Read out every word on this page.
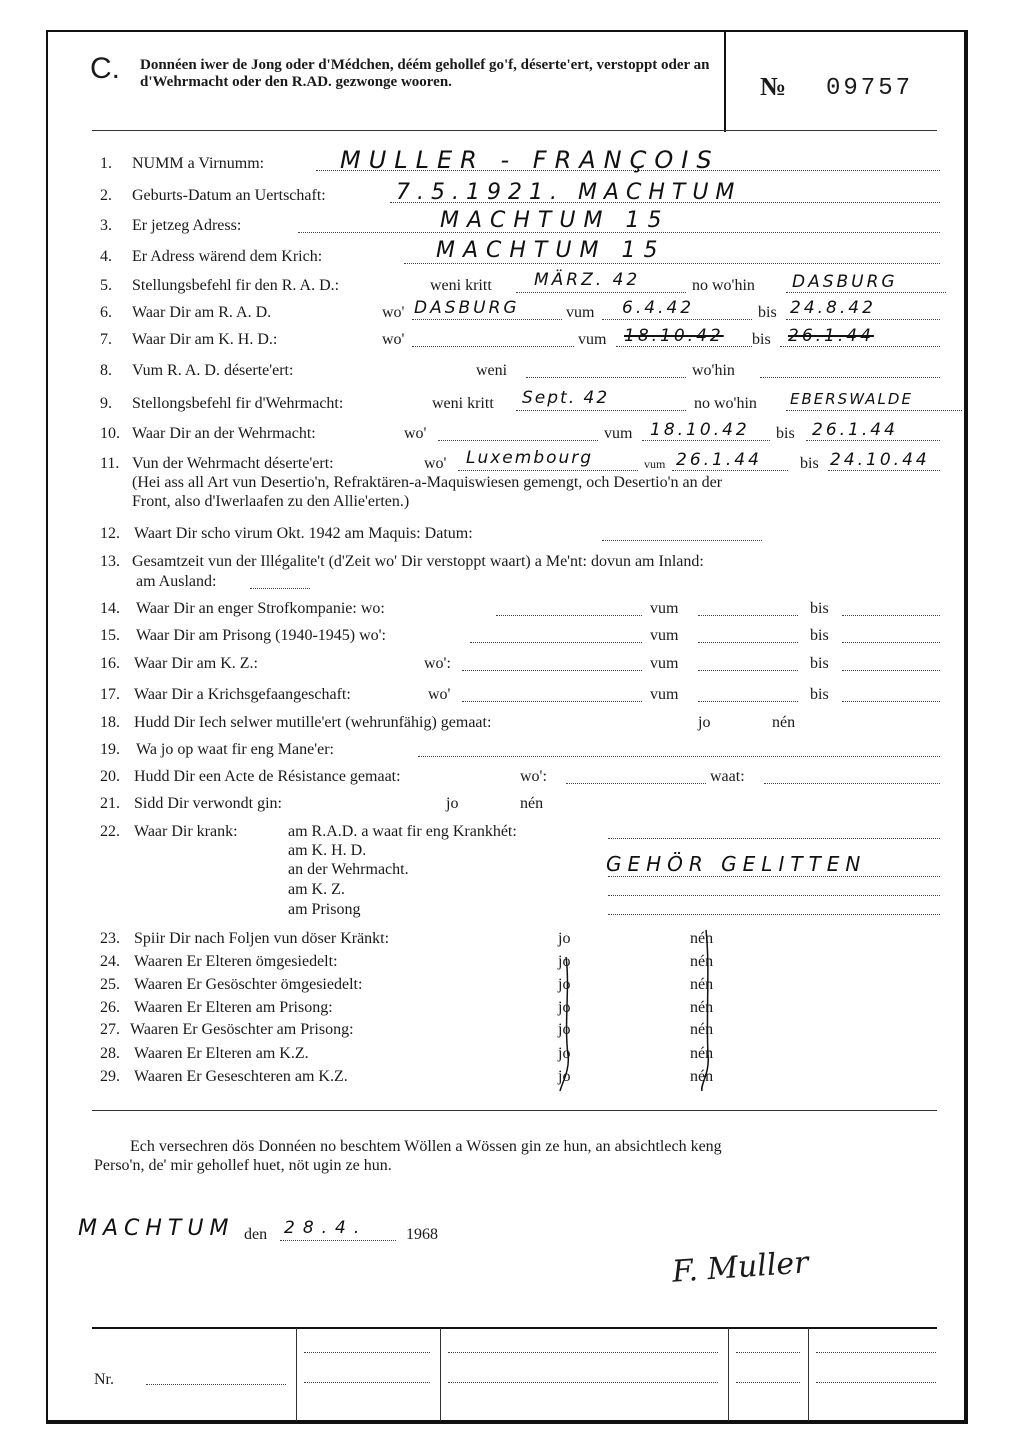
C. Donnéen iwer de Jong oder d'Médchen, déém gehollef go'f, déserte'ert, verstoppt oder an d'Wehrmacht oder den R.AD. gezwonge wooren.	№ 09757
1. NUMM a Virnumm:	MULLER - FRANÇOIS
2. Geburts-Datum an Uertschaft:	7.5.1921. MACHTUM
3. Er jetzeg Adress:	MACHTUM 15
4. Er Adress wärend dem Krich:	MACHTUM 15
5. Stellungsbefehl fir den R. A. D.:	weni kritt MÄRZ. 42	no wo'hin DASBURG
6. Waar Dir am R. A. D.	wo' DASBURG	vum 6.4.42	bis 24.8.42
7. Waar Dir am K. H. D.:	wo'	vum 18.10.42 bis 26.1.44
8. Vum R. A. D. déserte'ert:	weni	wo'hin
9. Stellongsbefehl fir d'Wehrmacht:	weni kritt Sept. 42	no wo'hin EBERSWALDE
10. Waar Dir an der Wehrmacht:	wo'	vum 18.10.42 bis 26.1.44
11. Vun der Wehrmacht déserte'ert:	wo' Luxembourg	vum 26.1.44 bis 24.10.44
(Hei ass all Art vun Desertio'n, Refraktären-a-Maquiswiesen gemengt, och Desertio'n an der
Front, also d'Iwerlaafen zu den Allie'erten.)
12. Waart Dir scho virum Okt. 1942 am Maquis: Datum:
13. Gesamtzeit vun der Illégalite't (d'Zeit wo' Dir verstoppt waart) a Me'nt: dovun am Inland:
am Ausland:
14. Waar Dir an enger Strofkompanie: wo:	vum	bis
15. Waar Dir am Prisong (1940-1945) wo':	vum	bis
16. Waar Dir am K. Z.:	wo':	vum	bis
17. Waar Dir a Krichsgefaangeschaft:	wo'	vum	bis
18. Hudd Dir Iech selwer mutille'ert (wehrunfähig) gemaat:	jo	nén
19. Wa jo op waat fir eng Mane'er:
20. Hudd Dir een Acte de Résistance gemaat:	wo':	waat:
21. Sidd Dir verwondt gin:	jo	nén
22. Waar Dir krank:	am R.A.D. a waat fir eng Krankhét:
am K. H. D.
an der Wehrmacht.	GEHÖR GELITTEN
am K. Z.
am Prisong
23. Spiir Dir nach Foljen vun döser Kränkt:	jo	nén
24. Waaren Er Elteren ömgesiedelt:	jo	nén
25. Waaren Er Gesöschter ömgesiedelt:	jo	nén
26. Waaren Er Elteren am Prisong:	jo	nén
27. Waaren Er Gesöschter am Prisong:	jo	nén
28. Waaren Er Elteren am K.Z.	jo	nén
29. Waaren Er Geseschteren am K.Z.	jo	nén
Ech versechren dös Donnéen no beschtem Wöllen a Wössen gin ze hun, an absichtlech keng
Perso'n, de' mir gehollef huet, nöt ugin ze hun.
MACHTUM den 28.4. 1968
F. Muller
Nr.
